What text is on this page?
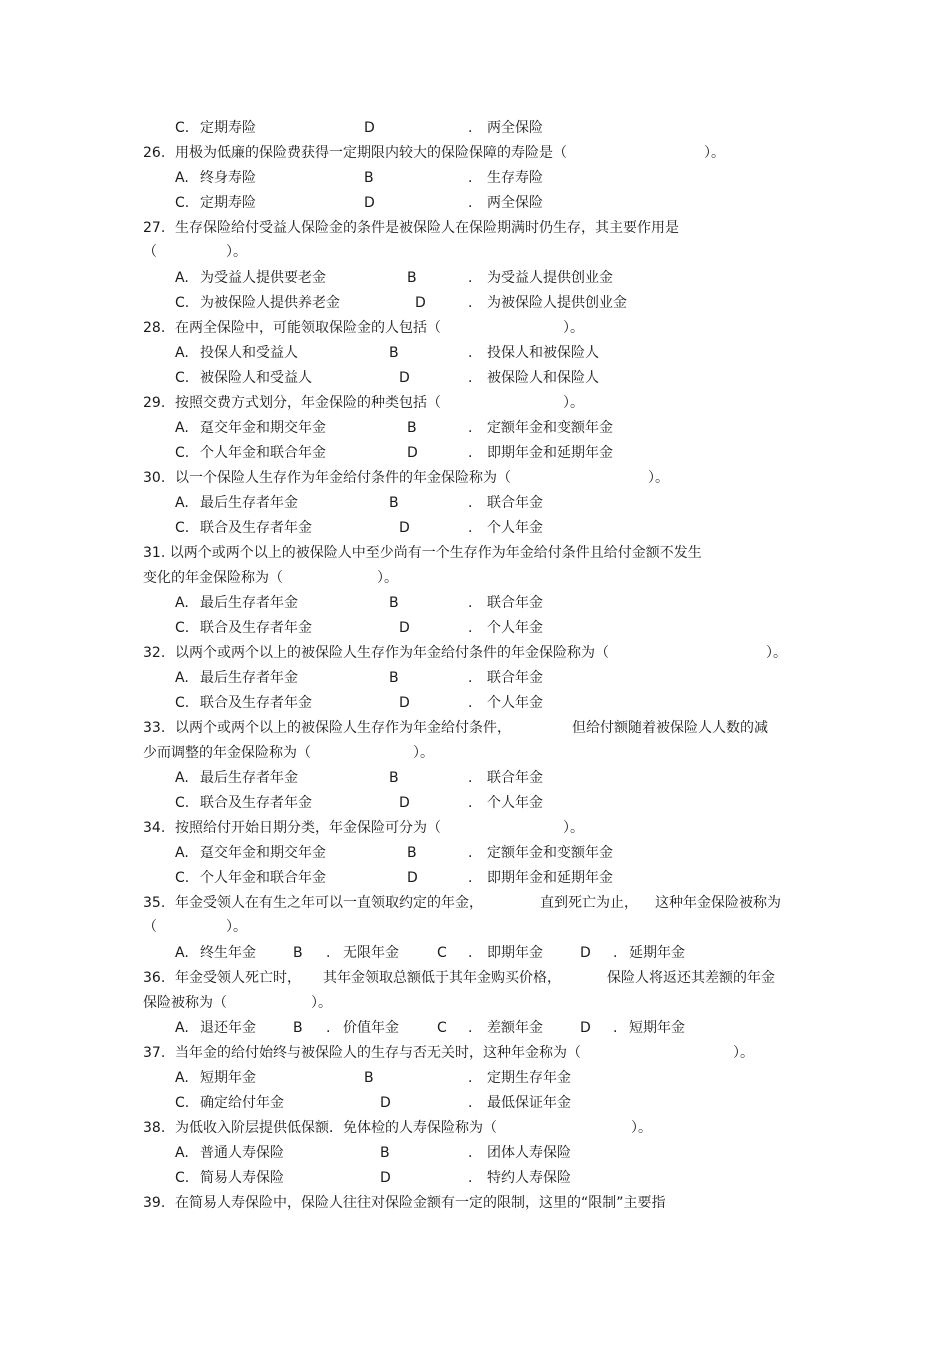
C. 定期寿险	D	. 两全保险
26. 用极为低廉的保险费获得一定期限内较大的保险保障的寿险是（	）。
A. 终身寿险	B	. 生存寿险
C. 定期寿险	D	. 两全保险
27. 生存保险给付受益人保险金的条件是被保险人在保险期满时仍生存，其主要作用是
（	）。
A. 为受益人提供要老金	B	. 为受益人提供创业金
C. 为被保险人提供养老金	D	. 为被保险人提供创业金
28. 在两全保险中，可能领取保险金的人包括（	）。
A. 投保人和受益人	B	. 投保人和被保险人
C. 被保险人和受益人	D	. 被保险人和保险人
29. 按照交费方式划分，年金保险的种类包括（	）。
A. 趸交年金和期交年金	B	. 定额年金和变额年金
C. 个人年金和联合年金	D	. 即期年金和延期年金
30. 以一个保险人生存作为年金给付条件的年金保险称为（	）。
A. 最后生存者年金	B	. 联合年金
C. 联合及生存者年金	D	. 个人年金
31. 以两个或两个以上的被保险人中至少尚有一个生存作为年金给付条件且给付金额不发生
变化的年金保险称为（	）。
A. 最后生存者年金	B	. 联合年金
C. 联合及生存者年金	D	. 个人年金
32. 以两个或两个以上的被保险人生存作为年金给付条件的年金保险称为（	）。
A. 最后生存者年金	B	. 联合年金
C. 联合及生存者年金	D	. 个人年金
33. 以两个或两个以上的被保险人生存作为年金给付条件，	但给付额随着被保险人人数的减
少而调整的年金保险称为（	）。
A. 最后生存者年金	B	. 联合年金
C. 联合及生存者年金	D	. 个人年金
34. 按照给付开始日期分类，年金保险可分为（	）。
A. 趸交年金和期交年金	B	. 定额年金和变额年金
C. 个人年金和联合年金	D	. 即期年金和延期年金
35. 年金受领人在有生之年可以一直领取约定的年金，	直到死亡为止， 这种年金保险被称为
（	）。
A. 终生年金	B . 无限年金	C . 即期年金	D . 延期年金
36. 年金受领人死亡时， 其年金领取总额低于其年金购买价格，	保险人将返还其差额的年金
保险被称为（	）。
A. 退还年金	B . 价值年金	C . 差额年金	D . 短期年金
37. 当年金的给付始终与被保险人的生存与否无关时，这种年金称为（	）。
A. 短期年金	B	. 定期生存年金
C. 确定给付年金	D	. 最低保证年金
38. 为低收入阶层提供低保额．免体检的人寿保险称为（	）。
A. 普通人寿保险	B	. 团体人寿保险
C. 简易人寿保险	D	. 特约人寿保险
39. 在简易人寿保险中，保险人往往对保险金额有一定的限制，这里的“限制”主要指
